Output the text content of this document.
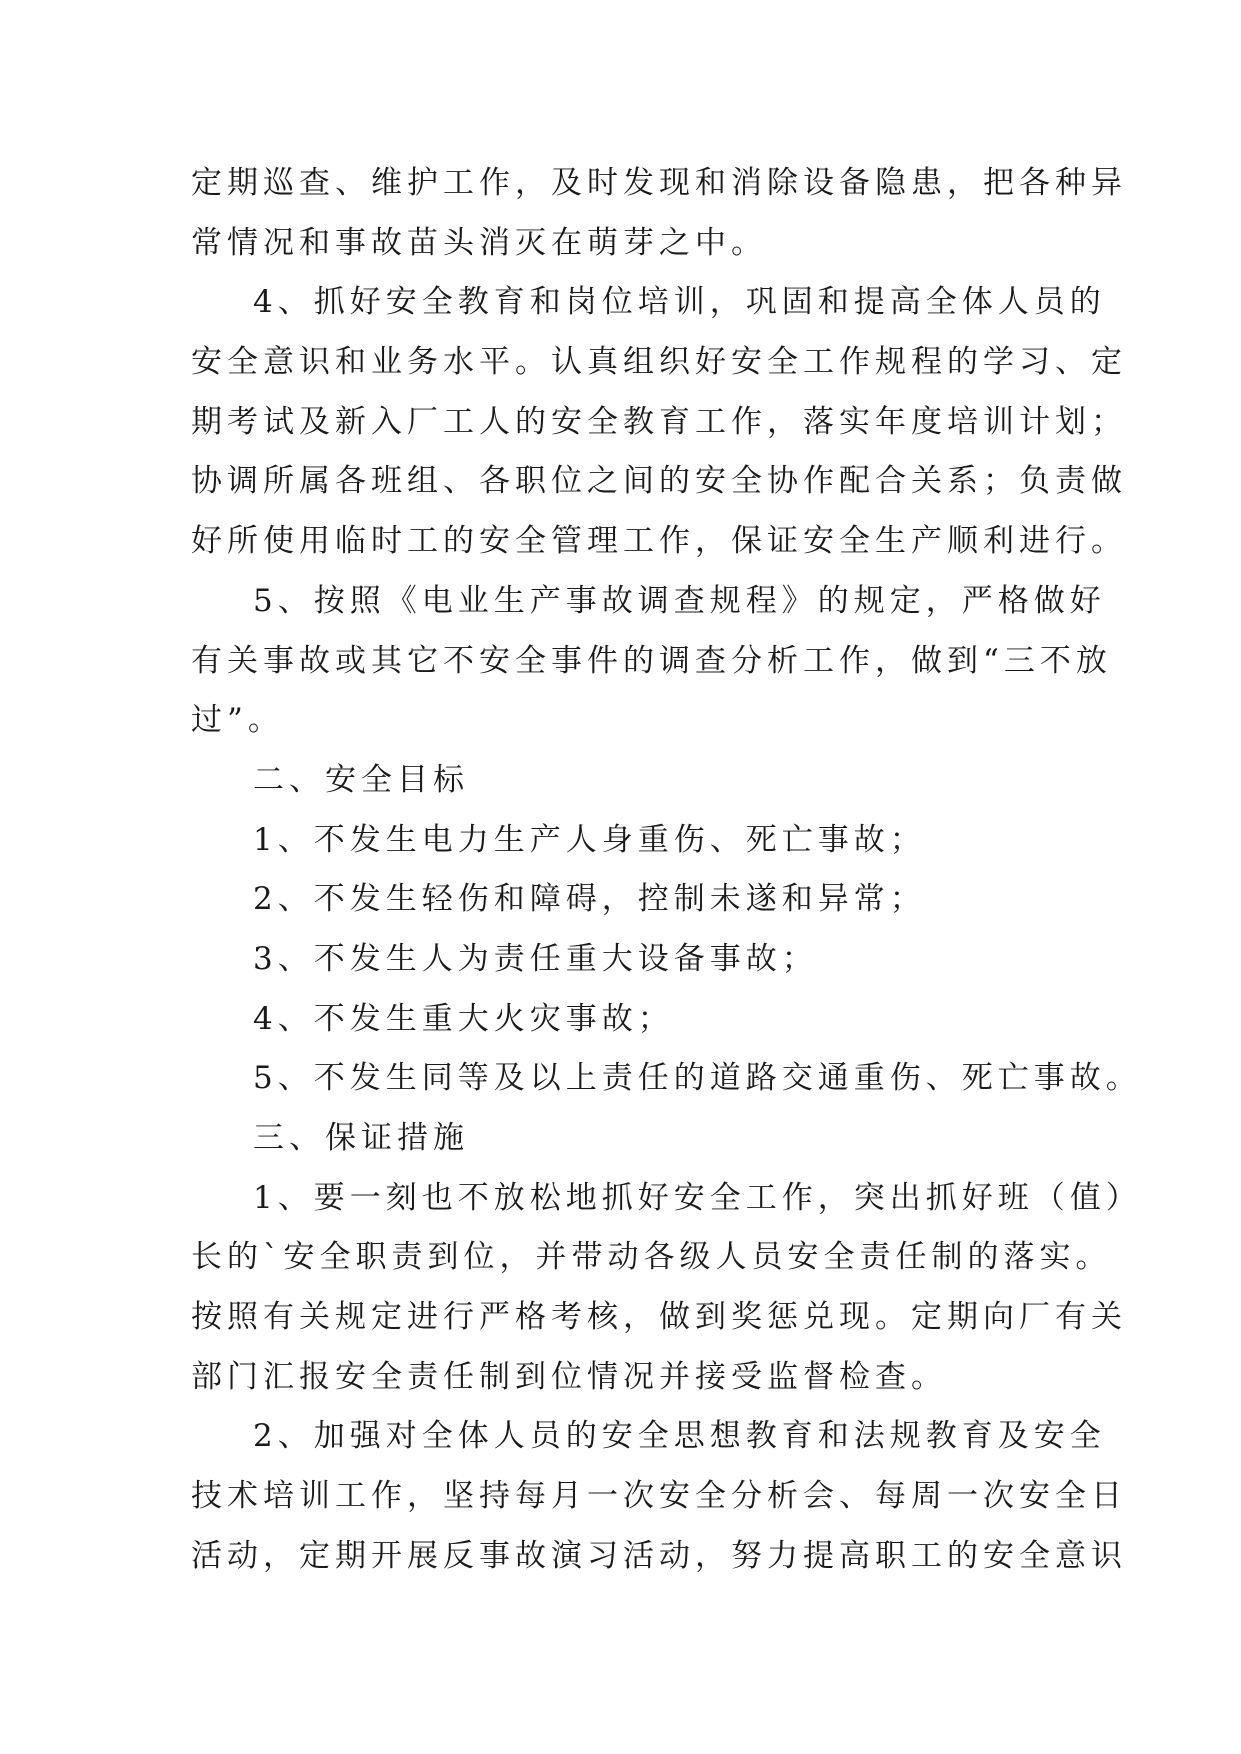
定期巡查、维护工作，及时发现和消除设备隐患，把各种异
常情况和事故苗头消灭在萌芽之中。
4、抓好安全教育和岗位培训，巩固和提高全体人员的
安全意识和业务水平。认真组织好安全工作规程的学习、定
期考试及新入厂工人的安全教育工作，落实年度培训计划；
协调所属各班组、各职位之间的安全协作配合关系；负责做
好所使用临时工的安全管理工作，保证安全生产顺利进行。
5、按照《电业生产事故调查规程》的规定，严格做好
有关事故或其它不安全事件的调查分析工作，做到“三不放
过”。
二、安全目标
1、不发生电力生产人身重伤、死亡事故；
2、不发生轻伤和障碍，控制未遂和异常；
3、不发生人为责任重大设备事故；
4、不发生重大火灾事故；
5、不发生同等及以上责任的道路交通重伤、死亡事故。
三、保证措施
1、要一刻也不放松地抓好安全工作，突出抓好班（值）
长的`安全职责到位，并带动各级人员安全责任制的落实。
按照有关规定进行严格考核，做到奖惩兑现。定期向厂有关
部门汇报安全责任制到位情况并接受监督检查。
2、加强对全体人员的安全思想教育和法规教育及安全
技术培训工作，坚持每月一次安全分析会、每周一次安全日
活动，定期开展反事故演习活动，努力提高职工的安全意识
